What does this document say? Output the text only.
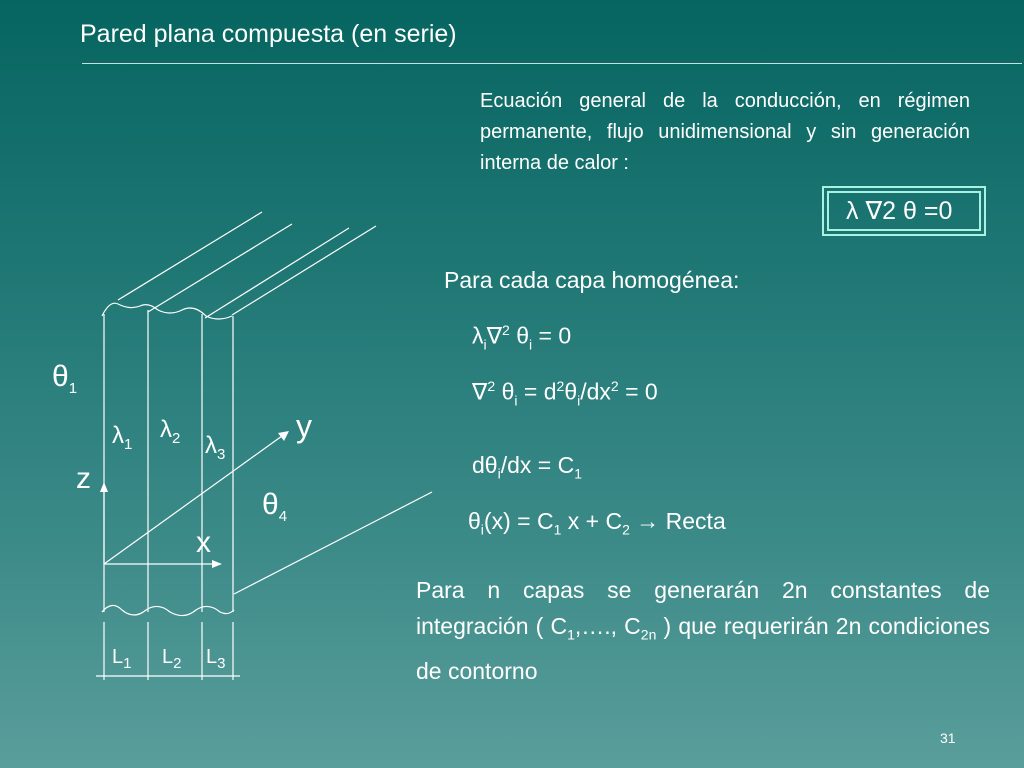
Pared plana compuesta (en serie)
Ecuación general de la conducción, en régimen permanente, flujo unidimensional y sin generación interna de calor :
λ ∇2 θ =0
Para cada capa homogénea:
$\lambda_i\nabla^2$ $\theta_i = 0$
∇$^2$ $\theta_i = d^2\theta_i/dx^2 = 0$
$d\theta_i/dx = C_1$
$\theta_i(x) = C_1$ $x + C_2$ → Recta
Para n capas se generarán 2n constantes de integración ( $C_1,\dots$., $C_{2n}$ ) que requerirán 2n condiciones de contorno
$\theta_1$
$\theta_4$
$\lambda_1$
$\lambda_2$ $\lambda_3$
y
z
x
$L_1$ $L_2$ $L_3$
31
